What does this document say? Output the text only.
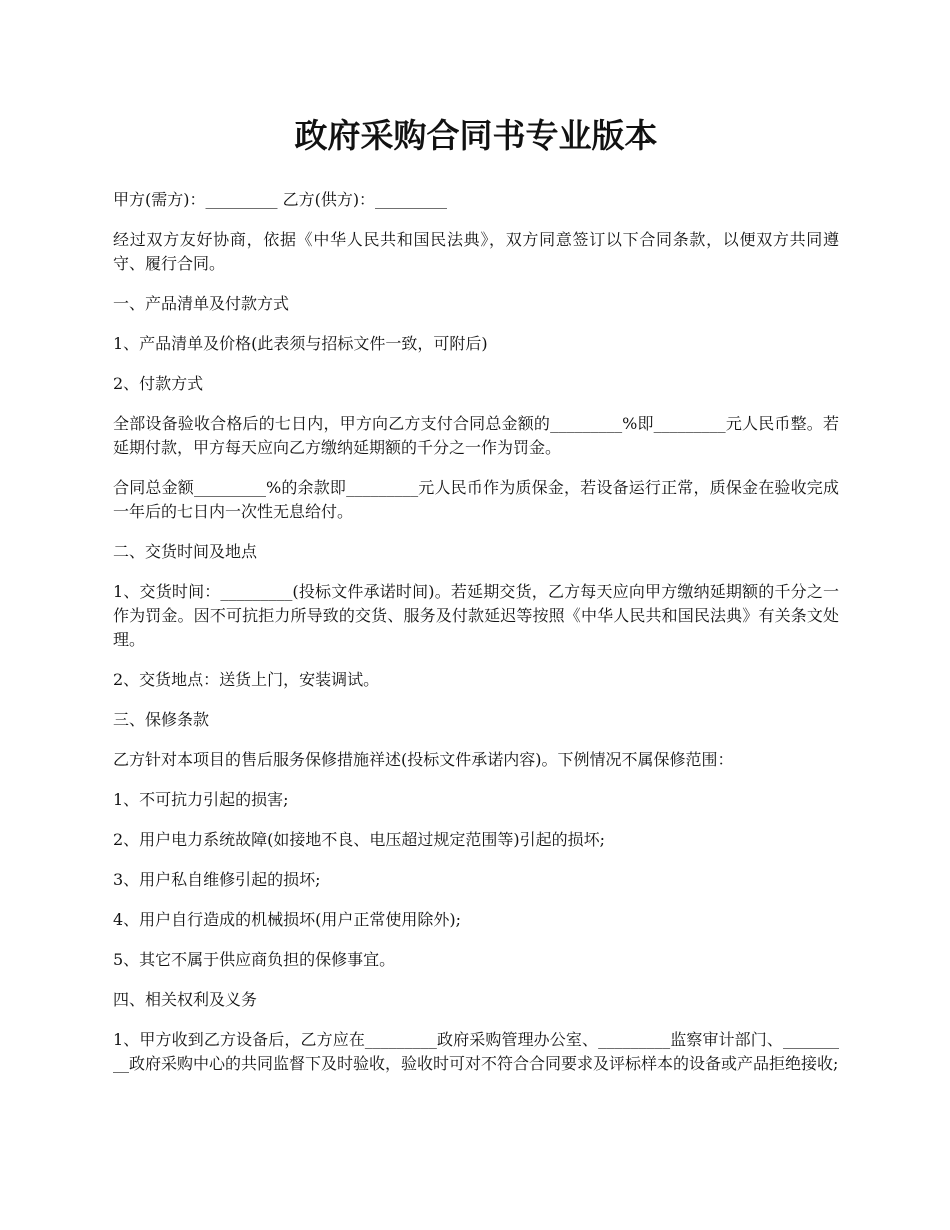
政府采购合同书专业版本

甲方(需方)：_________ 乙方(供方)：_________

经过双方友好协商，依据《中华人民共和国民法典》，双方同意签订以下合同条款，以便双方共同遵守、履行合同。

一、产品清单及付款方式

1、产品清单及价格(此表须与招标文件一致，可附后)

2、付款方式

全部设备验收合格后的七日内，甲方向乙方支付合同总金额的_________%即_________元人民币整。若延期付款，甲方每天应向乙方缴纳延期额的千分之一作为罚金。

合同总金额_________%的余款即_________元人民币作为质保金，若设备运行正常，质保金在验收完成一年后的七日内一次性无息给付。

二、交货时间及地点

1、交货时间：_________(投标文件承诺时间)。若延期交货，乙方每天应向甲方缴纳延期额的千分之一作为罚金。因不可抗拒力所导致的交货、服务及付款延迟等按照《中华人民共和国民法典》有关条文处理。

2、交货地点：送货上门，安装调试。

三、保修条款

乙方针对本项目的售后服务保修措施祥述(投标文件承诺内容)。下例情况不属保修范围：

1、不可抗力引起的损害;

2、用户电力系统故障(如接地不良、电压超过规定范围等)引起的损坏;

3、用户私自维修引起的损坏;

4、用户自行造成的机械损坏(用户正常使用除外);

5、其它不属于供应商负担的保修事宜。

四、相关权利及义务

1、甲方收到乙方设备后，乙方应在_________政府采购管理办公室、_________监察审计部门、_________政府采购中心的共同监督下及时验收，验收时可对不符合合同要求及评标样本的设备或产品拒绝接收;
